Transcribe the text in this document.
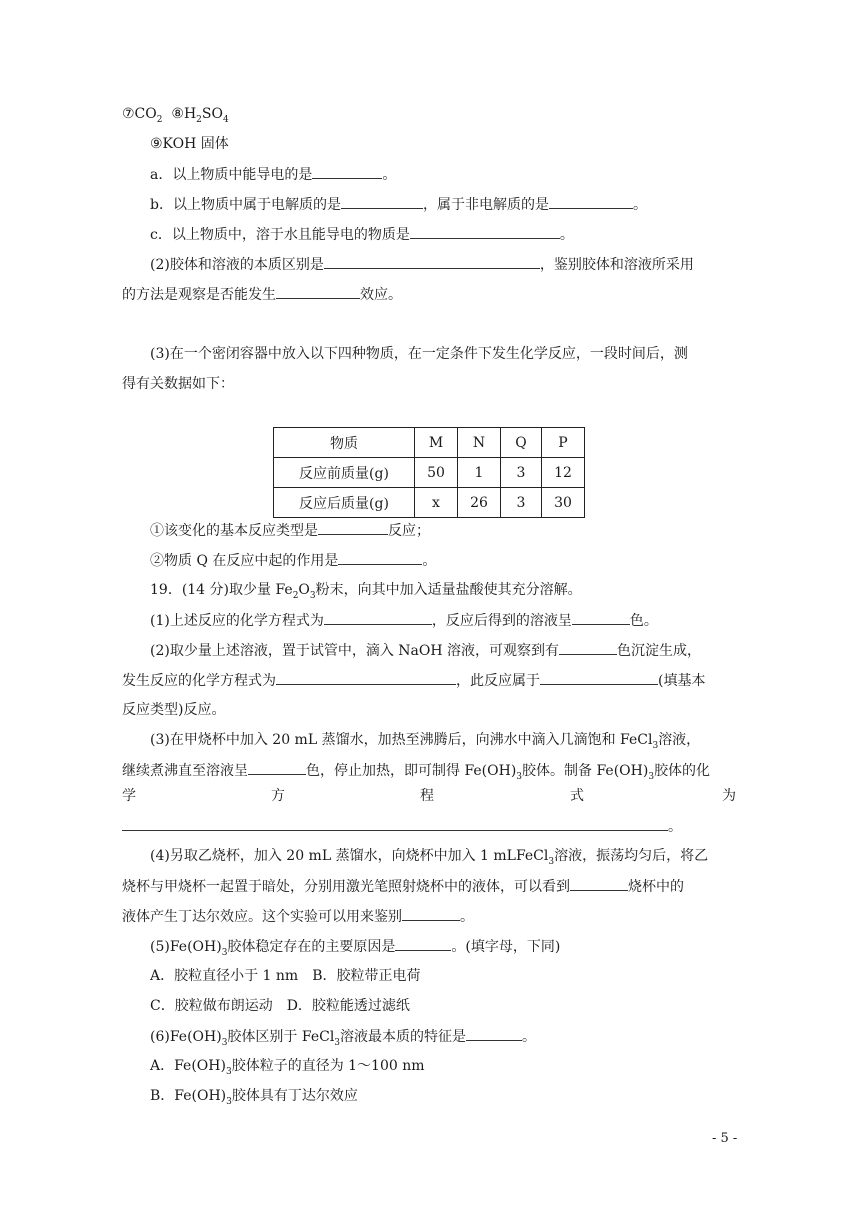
$⑦CO_2$ $⑧H_2SO_4$
⑨KOH 固体
a．以上物质中能导电的是	。
b．以上物质中属于电解质的是	，属于非电解质的是	。
c．以上物质中，溶于水且能导电的物质是	。
(2)胶体和溶液的本质区别是	，鉴别胶体和溶液所采用
的方法是观察是否能发生	效应。
(3)在一个密闭容器中放入以下四种物质，在一定条件下发生化学反应，一段时间后，测
得有关数据如下：
物质	M	N	Q	P
反应前质量(g)	50	1	3	12
反应后质量(g)	x	26	3	30
①该变化的基本反应类型是	反应；
②物质 Q 在反应中起的作用是	。
19．(14 分)取少量 $Fe_2O_3$粉末，向其中加入适量盐酸使其充分溶解。
(1)上述反应的化学方程式为	，反应后得到的溶液呈	色。
(2)取少量上述溶液，置于试管中，滴入 NaOH 溶液，可观察到有	色沉淀生成，
发生反应的化学方程式为	，此反应属于	(填基本
反应类型)反应。
(3)在甲烧杯中加入 20 mL 蒸馏水，加热至沸腾后，向沸水中滴入几滴饱和 FeCl$_3$溶液，
继续煮沸直至溶液呈	色，停止加热，即可制得 $Fe(OH)_3$胶体。制备 $Fe(OH)_3$胶体的化
学	方	程	式	为
。
(4)另取乙烧杯，加入 20 mL 蒸馏水，向烧杯中加入 1 mLFeCl$_3$溶液，振荡均匀后，将乙
烧杯与甲烧杯一起置于暗处，分别用激光笔照射烧杯中的液体，可以看到	烧杯中的
液体产生丁达尔效应。这个实验可以用来鉴别	。
$(5)Fe(OH)_3$胶体稳定存在的主要原因是	。(填字母，下同)
A．胶粒直径小于 1 nm　B．胶粒带正电荷
C．胶粒做布朗运动　D．胶粒能透过滤纸
$(6)Fe(OH)_3$胶体区别于 FeCl$_3$溶液最本质的特征是	。
A．$Fe(OH)_3$胶体粒子的直径为 1～100 nm
B．$Fe(OH)_3$胶体具有丁达尔效应
- 5 -
